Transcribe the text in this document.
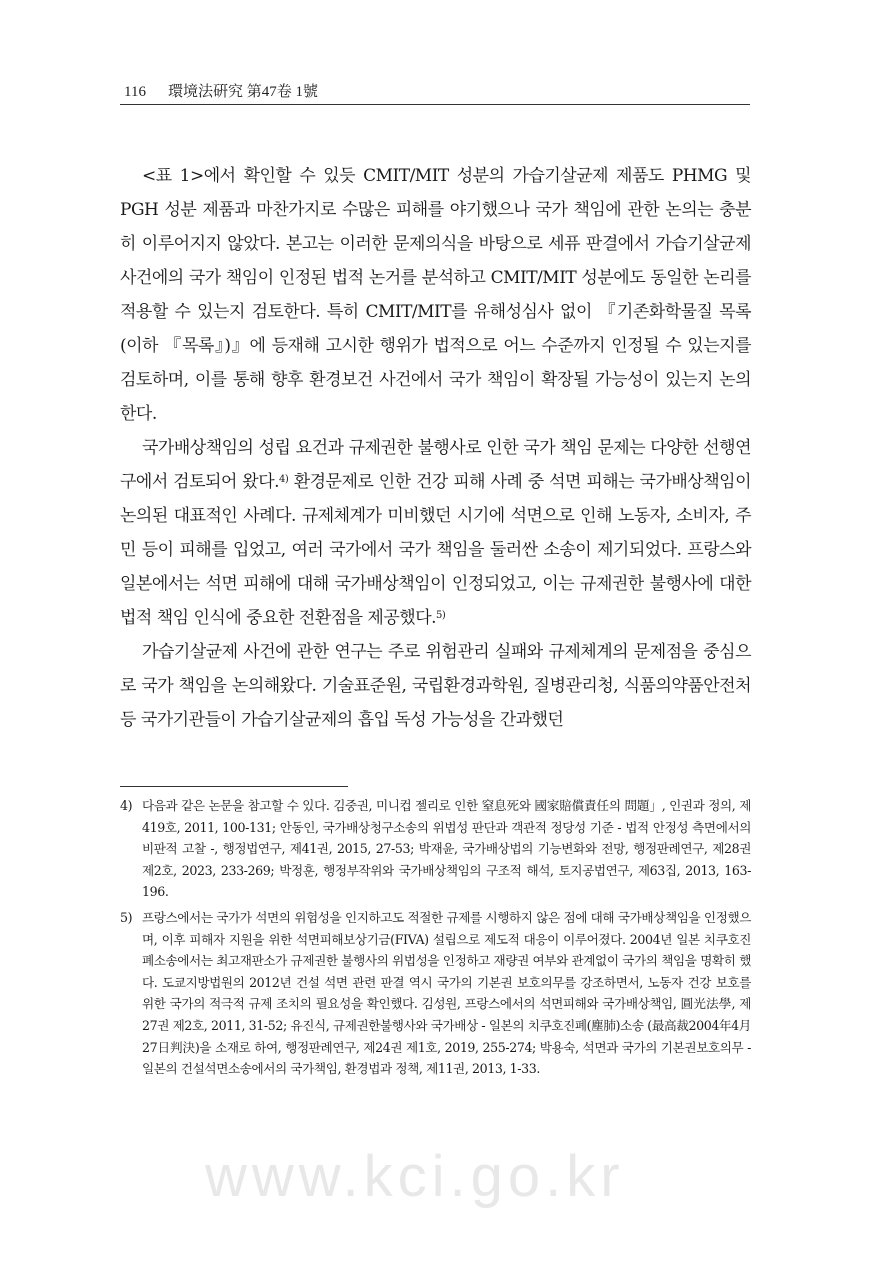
116 環境法硏究 第47卷 1號

<표 1>에서 확인할 수 있듯 CMIT/MIT 성분의 가습기살균제 제품도 PHMG 및 PGH 성분 제품과 마찬가지로 수많은 피해를 야기했으나 국가 책임에 관한 논의는 충분히 이루어지지 않았다. 본고는 이러한 문제의식을 바탕으로 세퓨 판결에서 가습기살균제 사건에의 국가 책임이 인정된 법적 논거를 분석하고 CMIT/MIT 성분에도 동일한 논리를 적용할 수 있는지 검토한다. 특히 CMIT/MIT를 유해성심사 없이 『기존화학물질 목록(이하 『목록』)』에 등재해 고시한 행위가 법적으로 어느 수준까지 인정될 수 있는지를 검토하며, 이를 통해 향후 환경보건 사건에서 국가 책임이 확장될 가능성이 있는지 논의한다.

국가배상책임의 성립 요건과 규제권한 불행사로 인한 국가 책임 문제는 다양한 선행연구에서 검토되어 왔다.$^{4)}$ 환경문제로 인한 건강 피해 사례 중 석면 피해는 국가배상책임이 논의된 대표적인 사례다. 규제체계가 미비했던 시기에 석면으로 인해 노동자, 소비자, 주민 등이 피해를 입었고, 여러 국가에서 국가 책임을 둘러싼 소송이 제기되었다. 프랑스와 일본에서는 석면 피해에 대해 국가배상책임이 인정되었고, 이는 규제권한 불행사에 대한 법적 책임 인식에 중요한 전환점을 제공했다.$^{5)}$

가습기살균제 사건에 관한 연구는 주로 위험관리 실패와 규제체계의 문제점을 중심으로 국가 책임을 논의해왔다. 기술표준원, 국립환경과학원, 질병관리청, 식품의약품안전처 등 국가기관들이 가습기살균제의 흡입 독성 가능성을 간과했던

4) 다음과 같은 논문을 참고할 수 있다. 김중권, 미니컵 젤리로 인한 窒息死와 國家賠償責任의 問題」, 인권과 정의, 제419호, 2011, 100-131; 안동인, 국가배상청구소송의 위법성 판단과 객관적 정당성 기준 - 법적 안정성 측면에서의 비판적 고찰 -, 행정법연구, 제41권, 2015, 27-53; 박재윤, 국가배상법의 기능변화와 전망, 행정판례연구, 제28권 제2호, 2023, 233-269; 박정훈, 행정부작위와 국가배상책임의 구조적 해석, 토지공법연구, 제63집, 2013, 163-196.

5) 프랑스에서는 국가가 석면의 위험성을 인지하고도 적절한 규제를 시행하지 않은 점에 대해 국가배상책임을 인정했으며, 이후 피해자 지원을 위한 석면피해보상기금(FIVA) 설립으로 제도적 대응이 이루어졌다. 2004년 일본 치쿠호진폐소송에서는 최고재판소가 규제권한 불행사의 위법성을 인정하고 재량권 여부와 관계없이 국가의 책임을 명확히 했다. 도쿄지방법원의 2012년 건설 석면 관련 판결 역시 국가의 기본권 보호의무를 강조하면서, 노동자 건강 보호를 위한 국가의 적극적 규제 조치의 필요성을 확인했다. 김성원, 프랑스에서의 석면피해와 국가배상책임, 圓光法學, 제27권 제2호, 2011, 31-52; 유진식, 규제권한불행사와 국가배상 - 일본의 치쿠호진폐(塵肺)소송 (最高裁2004年4月27日判決)을 소재로 하여, 행정판례연구, 제24권 제1호, 2019, 255-274; 박용숙, 석면과 국가의 기본권보호의무 - 일본의 건설석면소송에서의 국가책임, 환경법과 정책, 제11권, 2013, 1-33.

www.kci.go.kr
